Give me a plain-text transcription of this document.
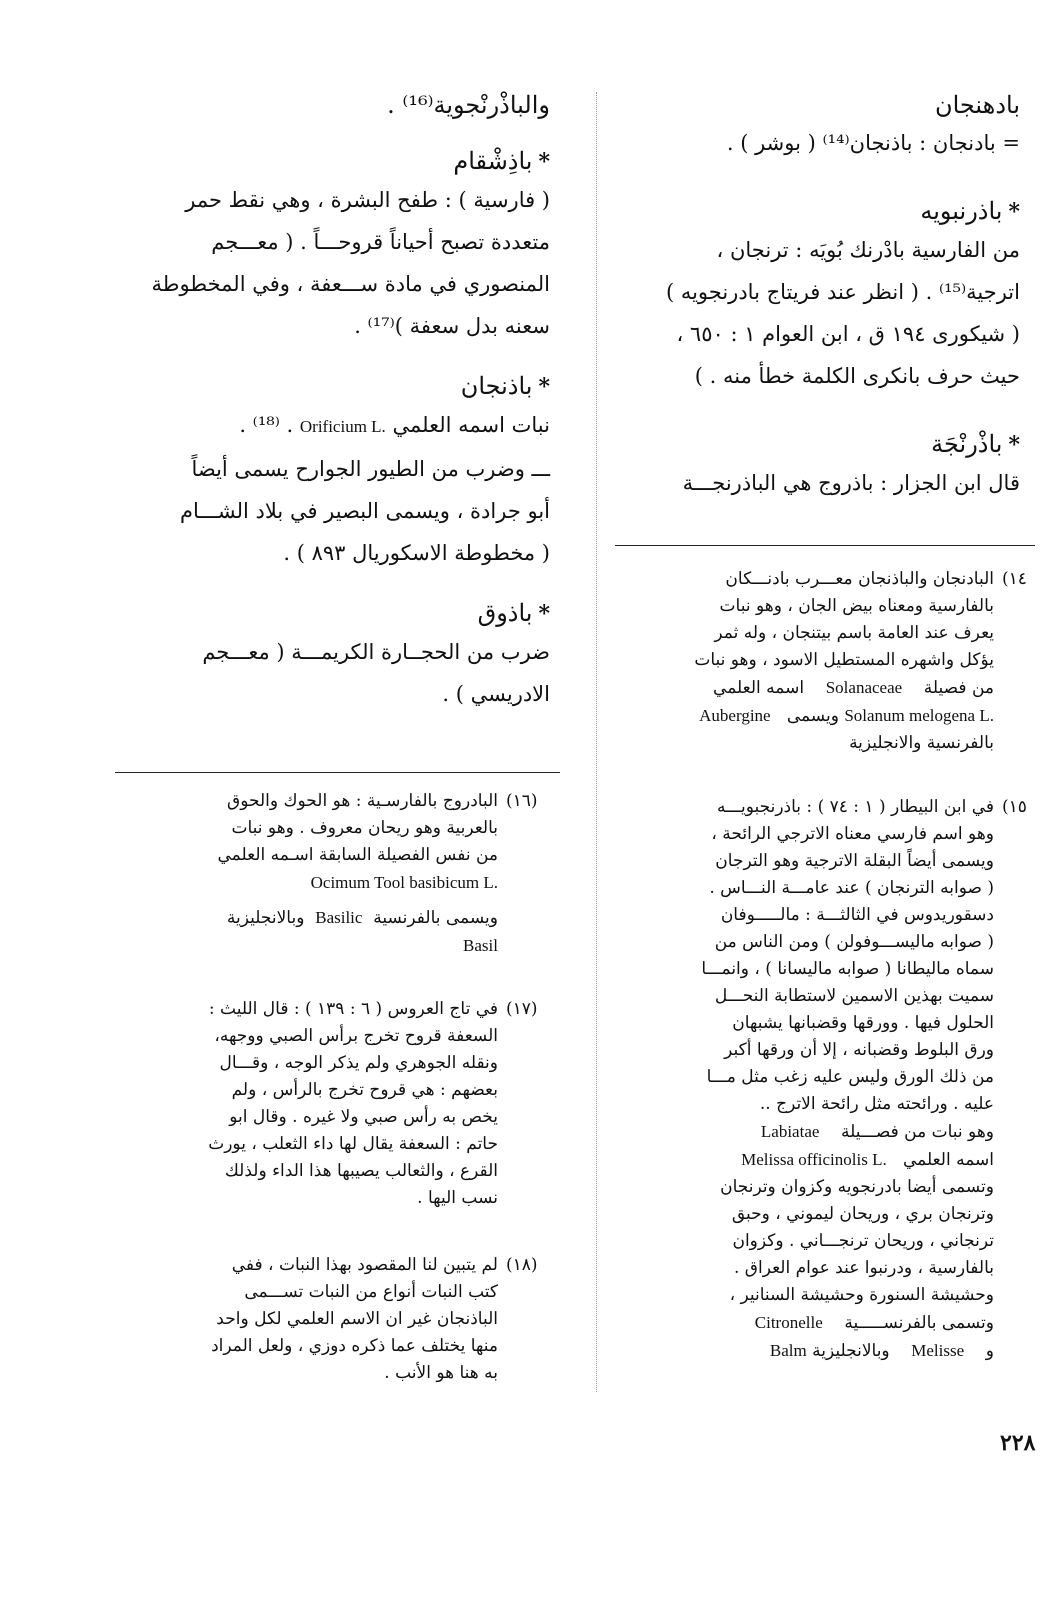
بادهنجان

= بادنجان : باذنجان⁽¹⁴⁾ ( بوشر ) .

*باذرنبويه

من الفارسية بادْرنك بُويَه : ترنجان ،

اترجية⁽¹⁵⁾ . ( انظر عند فريتاج بادرنجويه )

( شيكورى ١٩٤ ق ، ابن العوام ١ : ٦٥٠ ،

حيث حرف بانكرى الكلمة خطأ منه . )

*باذْرنْجَة

قال ابن الجزار : باذروج هي الباذرنجـــة

والباذْرنْجوية⁽¹⁶⁾ .

*باذِشْقام

( فارسية ) : طفح البشرة ، وهي نقط حمر

متعددة تصبح أحياناً قروحـــاً . ( معـــجم

المنصوري في مادة ســـعفة ، وفي المخطوطة

سعنه بدل سعفة )⁽¹⁷⁾ .

*باذنجان

نبات اسمه العلمي Orificium L. . ⁽¹⁸⁾ .

ـــ وضرب من الطيور الجوارح يسمى أيضاً

أبو جرادة ، ويسمى البصير في بلاد الشـــام

( مخطوطة الاسكوريال ٨٩٣ ) .

*باذوق

ضرب من الحجــارة الكريمـــة ( معـــجم

الادريسي ) .

(١٤
البادنجان والباذنجان معـــرب بادنـــكان
بالفارسية ومعناه بيض الجان ، وهو نبات
يعرف عند العامة باسم بيتنجان ، وله ثمر
يؤكل واشهره المستطيل الاسود ، وهو نبات
من فصيلة    Solanaceae    اسمه العلمي
Solanum melogena L. ويسمى   Aubergine
بالفرنسية والانجليزية
(١٥
في ابن البيطار ( ١ : ٧٤ ) : باذرنجبويـــه
وهو اسم فارسي معناه الاترجي الرائحة ،
ويسمى أيضاً البقلة الاترجية وهو الترجان
( صوابه الترنجان ) عند عامـــة النـــاس .
دسقوريدوس في الثالثـــة : مالـــــوفان
( صوابه ماليســـوفولن ) ومن الناس من
سماه ماليطانا ( صوابه ماليسانا ) ، وانمـــا
سميت بهذين الاسمين لاستطابة النحـــل
الحلول فيها . وورقها وقضبانها يشبهان
ورق البلوط وقضبانه ، إلا أن ورقها أكبر
من ذلك الورق وليس عليه زغب مثل مـــا
عليه . ورائحته مثل رائحة الاترج ..
وهو نبات من فصـــيلة    Labiatae
اسمه العلمي   Melissa officinolis L.
وتسمى أيضا بادرنجويه وكزوان وترنجان
وترنجان بري ، وريحان ليموني ، وحبق
ترنجاني ، وريحان ترنجـــاني . وكزوان
بالفارسية ، ودرنبوا عند عوام العراق .
وحشيشة السنورة وحشيشة السنانير ،
وتسمى بالفرنســـــية    Citronelle
و    Melisse    وبالانجليزية Balm
(١٦)
البادروج بالفارسـية : هو الحوك والحوق
بالعربية وهو ريحان معروف . وهو نبات
من نفس الفصيلة السابقة اسـمه العلمي
Ocimum Tool basibicum L.
ويسمى بالفرنسية  Basilic  وبالانجليزية
Basil
(١٧)
في تاج العروس ( ٦ : ١٣٩ ) : قال الليث :
السعفة قروح تخرج برأس الصبي ووجهه،
ونقله الجوهري ولم يذكر الوجه ، وقـــال
بعضهم : هي قروح تخرج بالرأس ، ولم
يخص به رأس صبي ولا غيره . وقال ابو
حاتم : السعفة يقال لها داء الثعلب ، يورث
القرع ، والثعالب يصيبها هذا الداء ولذلك
نسب اليها .
(١٨)
لم يتبين لنا المقصود بهذا النبات ، ففي
كتب النبات أنواع من النبات تســـمى
الباذنجان غير ان الاسم العلمي لكل واحد
منها يختلف عما ذكره دوزي ، ولعل المراد
به هنا هو الأنب .
٢٢٨
